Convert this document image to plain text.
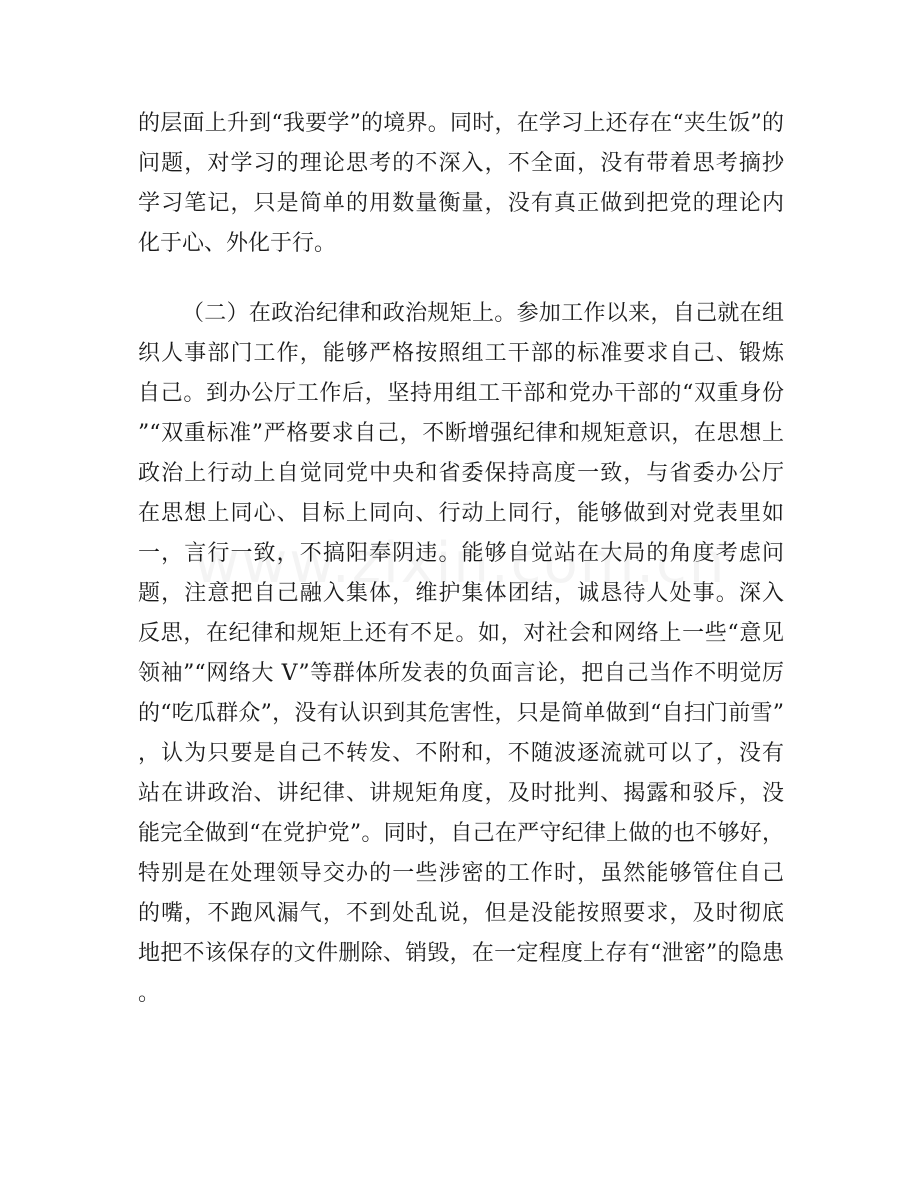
的层面上升到“我要学”的境界。同时，在学习上还存在“夹生饭”的
问题，对学习的理论思考的不深入，不全面，没有带着思考摘抄
学习笔记，只是简单的用数量衡量，没有真正做到把党的理论内
化于心、外化于行。
（二）在政治纪律和政治规矩上。参加工作以来，自己就在组
织人事部门工作，能够严格按照组工干部的标准要求自己、锻炼
自己。到办公厅工作后，坚持用组工干部和党办干部的“双重身份
”“双重标准”严格要求自己，不断增强纪律和规矩意识，在思想上
政治上行动上自觉同党中央和省委保持高度一致，与省委办公厅
在思想上同心、目标上同向、行动上同行，能够做到对党表里如
一，言行一致，不搞阳奉阴违。能够自觉站在大局的角度考虑问
题，注意把自己融入集体，维护集体团结，诚恳待人处事。深入
反思，在纪律和规矩上还有不足。如，对社会和网络上一些“意见
领袖”“网络大 V”等群体所发表的负面言论，把自己当作不明觉厉
的“吃瓜群众”，没有认识到其危害性，只是简单做到“自扫门前雪”
，认为只要是自己不转发、不附和，不随波逐流就可以了，没有
站在讲政治、讲纪律、讲规矩角度，及时批判、揭露和驳斥，没
能完全做到“在党护党”。同时，自己在严守纪律上做的也不够好，
特别是在处理领导交办的一些涉密的工作时，虽然能够管住自己
的嘴，不跑风漏气，不到处乱说，但是没能按照要求，及时彻底
地把不该保存的文件删除、销毁，在一定程度上存有“泄密”的隐患
。
